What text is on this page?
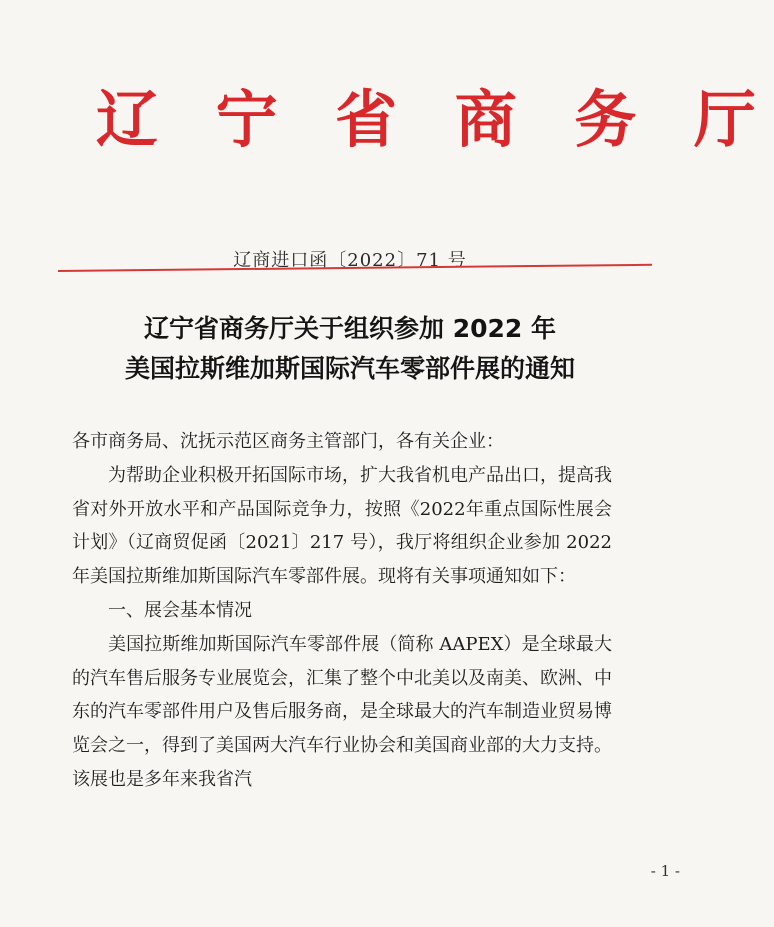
辽 宁 省 商 务 厅
辽商进口函〔2022〕71 号
辽宁省商务厅关于组织参加 2022 年
美国拉斯维加斯国际汽车零部件展的通知

各市商务局、沈抚示范区商务主管部门，各有关企业：

为帮助企业积极开拓国际市场，扩大我省机电产品出口，提高我省对外开放水平和产品国际竞争力，按照《2022年重点国际性展会计划》（辽商贸促函〔2021〕217 号），我厅将组织企业参加 2022 年美国拉斯维加斯国际汽车零部件展。现将有关事项通知如下：

一、展会基本情况

美国拉斯维加斯国际汽车零部件展（简称 AAPEX）是全球最大的汽车售后服务专业展览会，汇集了整个中北美以及南美、欧洲、中东的汽车零部件用户及售后服务商，是全球最大的汽车制造业贸易博览会之一，得到了美国两大汽车行业协会和美国商业部的大力支持。该展也是多年来我省汽

- 1 -
